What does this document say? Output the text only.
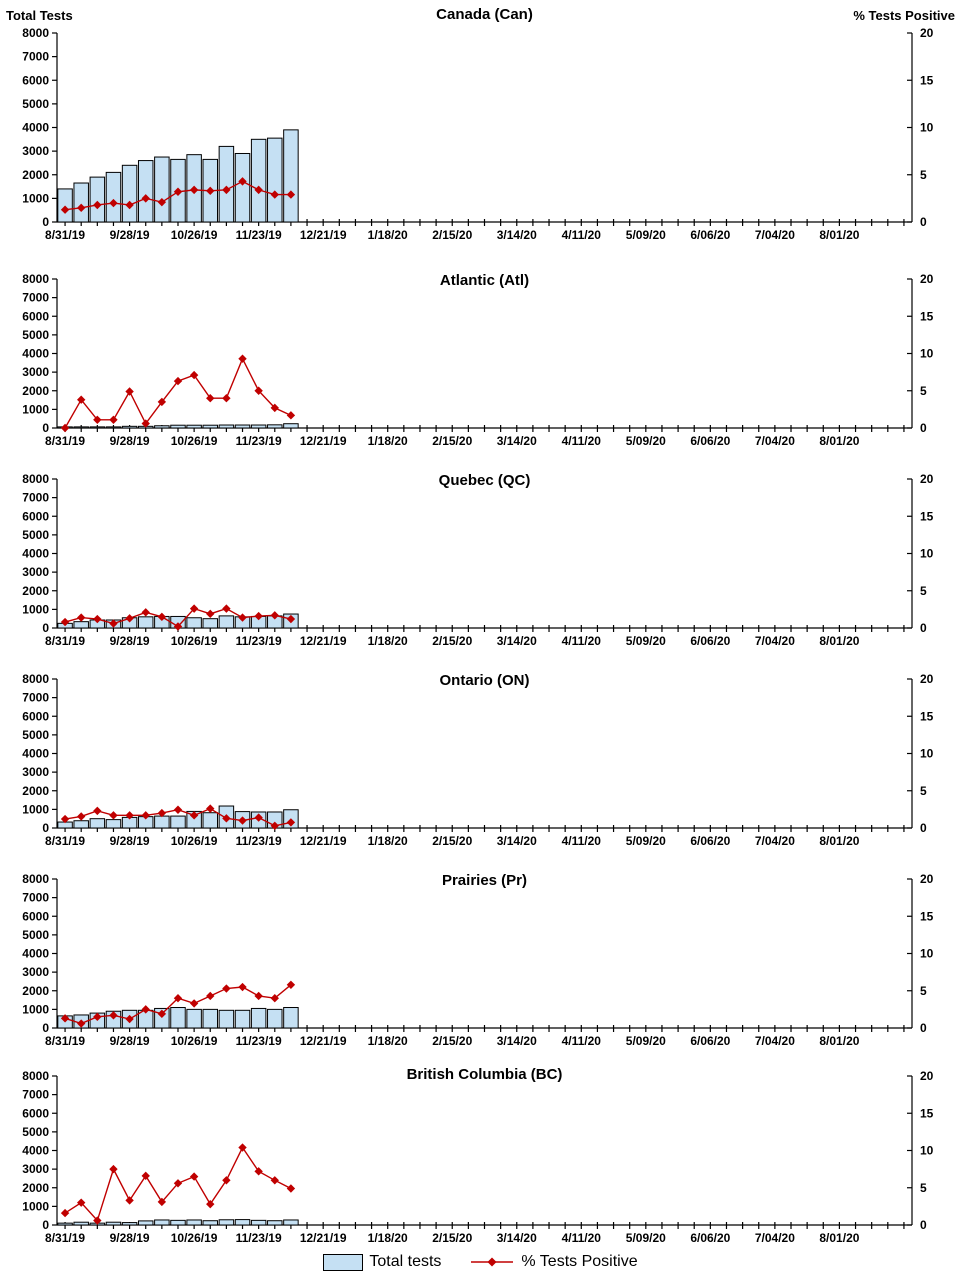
Total Tests	% Tests Positive
Canada (Can)
Atlantic (Atl)
Quebec (QC)
Ontario (ON)
Prairies (Pr)
British Columbia (BC)
0
1000
2000
3000
4000
5000
6000
7000
8000
0
5
10
15
20
8/31/19 9/28/19 10/26/19 11/23/19 12/21/19 1/18/20 2/15/20 3/14/20 4/11/20 5/09/20 6/06/20 7/04/20 8/01/20
0
1000
2000
3000
4000
5000
6000
7000
8000
0
5
10
15
20
8/31/19 9/28/19 10/26/19 11/23/19 12/21/19 1/18/20 2/15/20 3/14/20 4/11/20 5/09/20 6/06/20 7/04/20 8/01/20
0
1000
2000
3000
4000
5000
6000
7000
8000
0
5
10
15
20
8/31/19 9/28/19 10/26/19 11/23/19 12/21/19 1/18/20 2/15/20 3/14/20 4/11/20 5/09/20 6/06/20 7/04/20 8/01/20
0
1000
2000
3000
4000
5000
6000
7000
8000
0
5
10
15
20
8/31/19 9/28/19 10/26/19 11/23/19 12/21/19 1/18/20 2/15/20 3/14/20 4/11/20 5/09/20 6/06/20 7/04/20 8/01/20
0
1000
2000
3000
4000
5000
6000
7000
8000
0
5
10
15
20
8/31/19 9/28/19 10/26/19 11/23/19 12/21/19 1/18/20 2/15/20 3/14/20 4/11/20 5/09/20 6/06/20 7/04/20 8/01/20
0
1000
2000
3000
4000
5000
6000
7000
8000
0
5
10
15
20
8/31/19 9/28/19 10/26/19 11/23/19 12/21/19 1/18/20 2/15/20 3/14/20 4/11/20 5/09/20 6/06/20 7/04/20 8/01/20
Total tests	% Tests Positive
